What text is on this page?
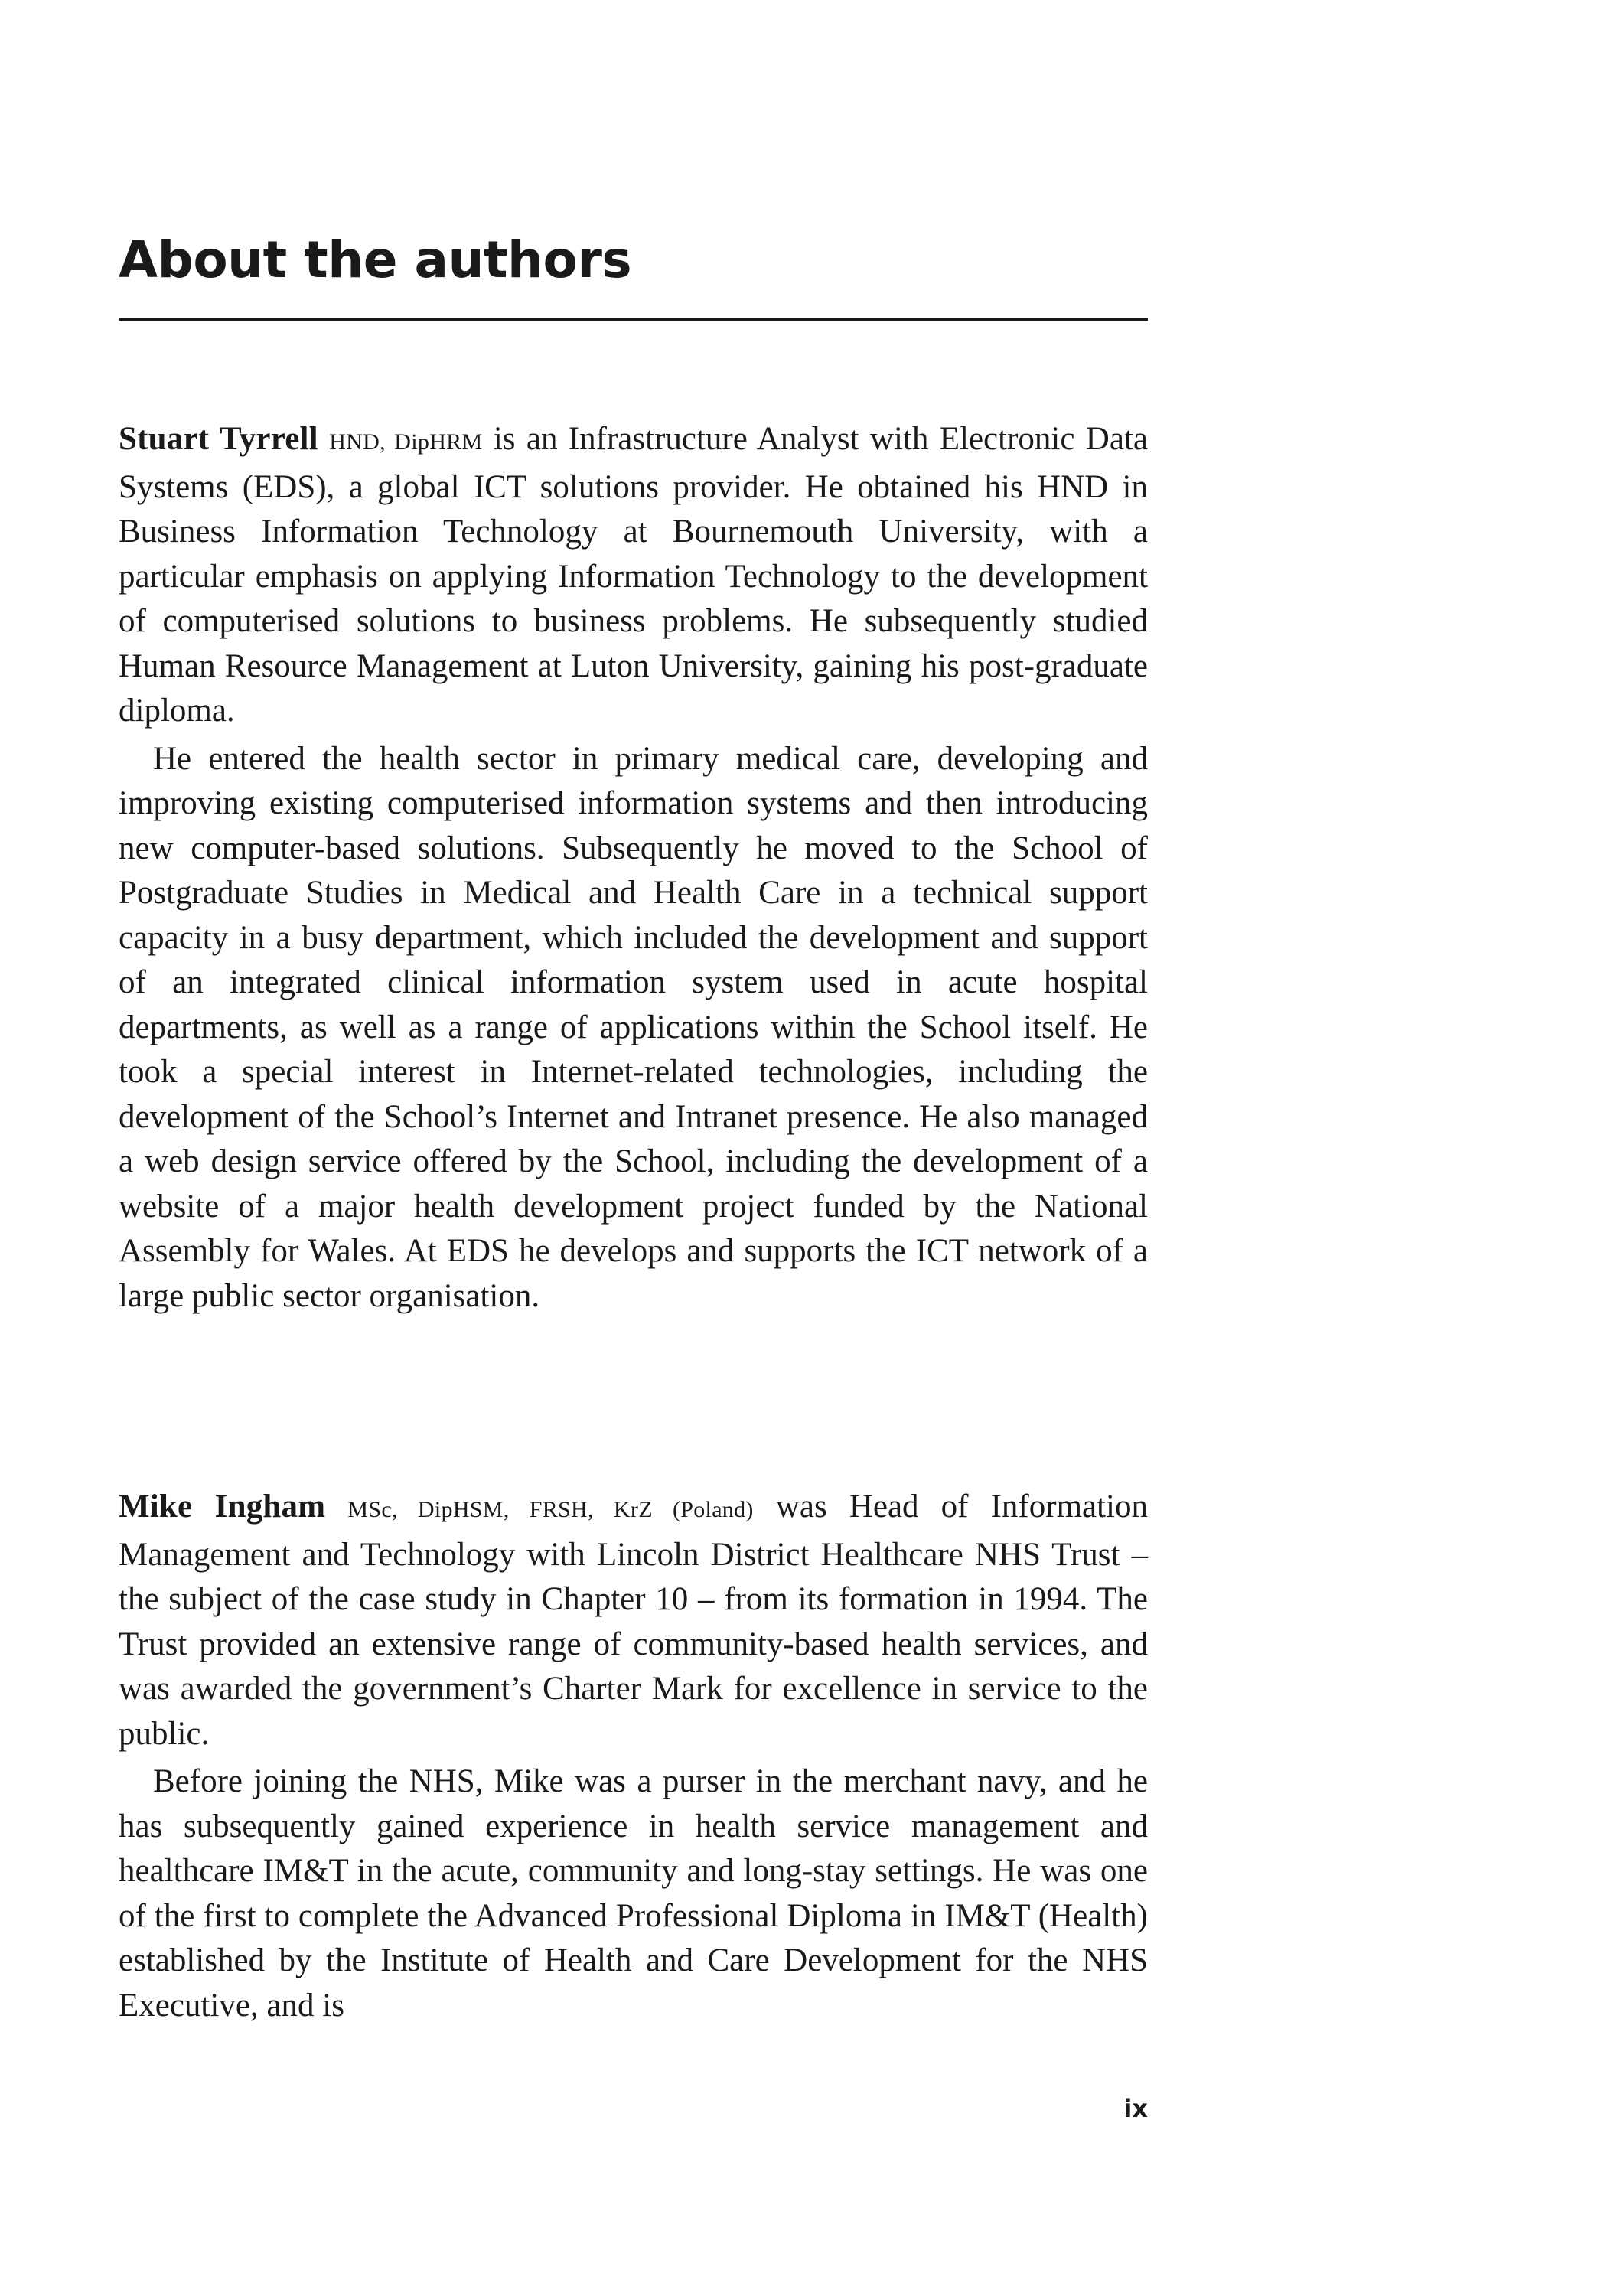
About the authors

Stuart Tyrrell HND, DipHRM is an Infrastructure Analyst with Electronic Data Systems (EDS), a global ICT solutions provider. He obtained his HND in Business Information Technology at Bournemouth University, with a particular emphasis on applying Information Technology to the development of computerised solutions to business problems. He subsequently studied Human Resource Management at Luton University, gaining his post-graduate diploma.

He entered the health sector in primary medical care, developing and improving existing computerised information systems and then introducing new computer-based solutions. Subsequently he moved to the School of Postgraduate Studies in Medical and Health Care in a technical support capacity in a busy department, which included the development and support of an integrated clinical information system used in acute hospital departments, as well as a range of applications within the School itself. He took a special interest in Internet-related technologies, including the development of the School’s Internet and Intranet presence. He also managed a web design service offered by the School, including the development of a website of a major health development project funded by the National Assembly for Wales. At EDS he develops and supports the ICT network of a large public sector organisation.

Mike Ingham MSc, DipHSM, FRSH, KrZ (Poland) was Head of Information Management and Technology with Lincoln District Healthcare NHS Trust – the subject of the case study in Chapter 10 – from its formation in 1994. The Trust provided an extensive range of community-based health services, and was awarded the government’s Charter Mark for excellence in service to the public.

Before joining the NHS, Mike was a purser in the merchant navy, and he has subsequently gained experience in health service management and healthcare IM&T in the acute, community and long-stay settings. He was one of the first to complete the Advanced Professional Diploma in IM&T (Health) established by the Institute of Health and Care Development for the NHS Executive, and is

ix
